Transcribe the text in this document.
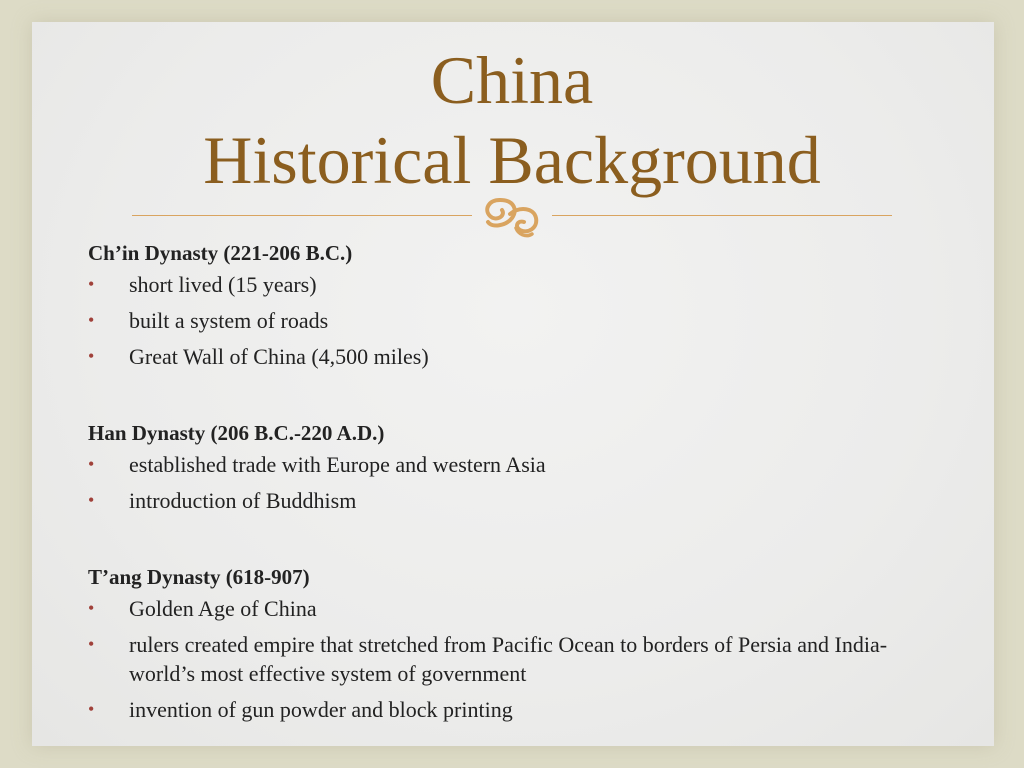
China
Historical Background
Ch’in Dynasty (221-206 B.C.)
• short lived (15 years)
• built a system of roads
• Great Wall of China (4,500 miles)
Han Dynasty (206 B.C.-220 A.D.)
• established trade with Europe and western Asia
• introduction of Buddhism
T’ang Dynasty (618-907)
• Golden Age of China
• rulers created empire that stretched from Pacific Ocean to borders of Persia and India- world’s most effective system of government
• invention of gun powder and block printing
